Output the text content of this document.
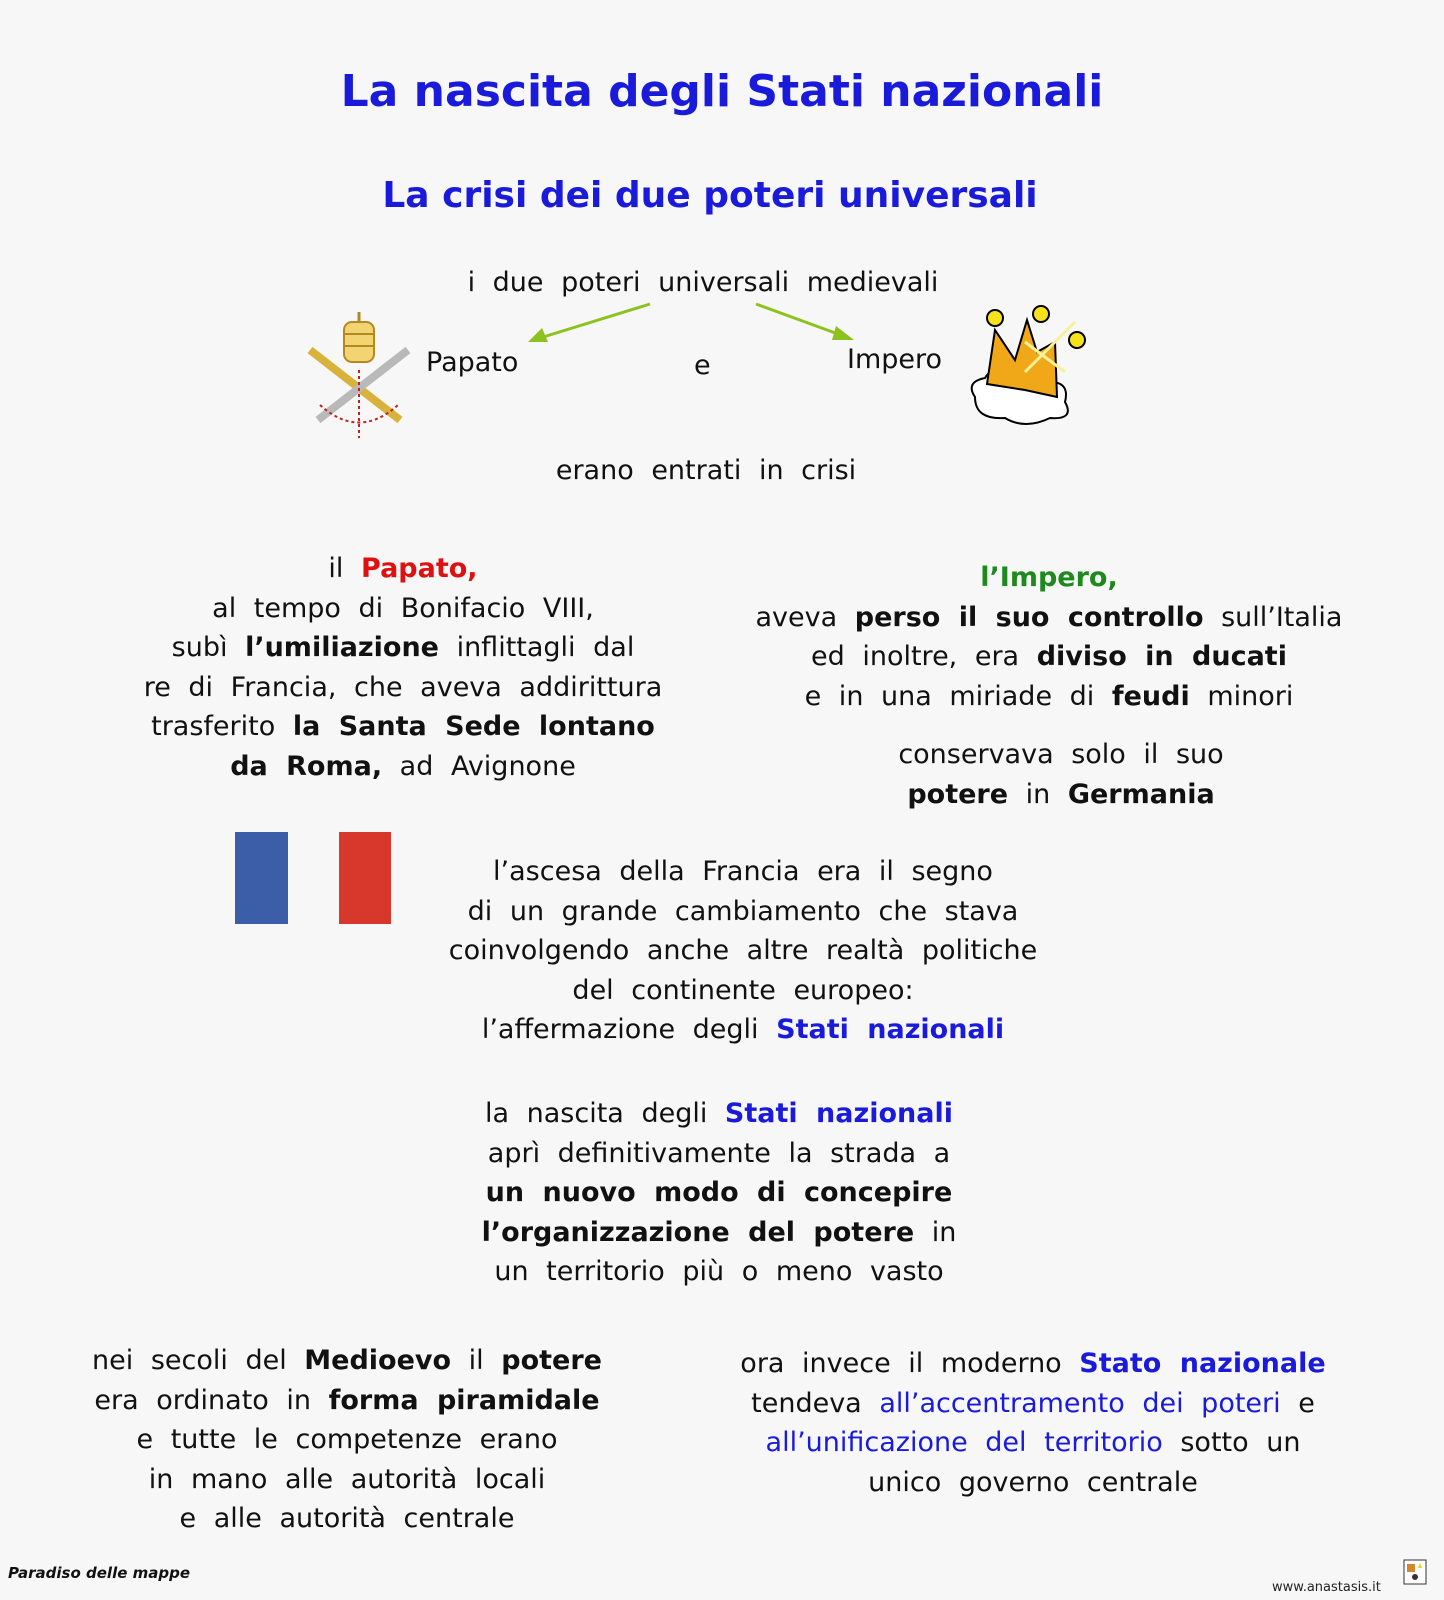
La nascita degli Stati nazionali
La crisi dei due poteri universali
i due poteri universali medievali
Papato	e	Impero
erano entrati in crisi
il Papato,
al tempo di Bonifacio VIII,
subì l’umiliazione inflittagli dal
re di Francia, che aveva addirittura
trasferito la Santa Sede lontano
da Roma, ad Avignone
l’Impero,
aveva perso il suo controllo sull’Italia
ed inoltre, era diviso in ducati
e in una miriade di feudi minori
conservava solo il suo
potere in Germania
l’ascesa della Francia era il segno
di un grande cambiamento che stava
coinvolgendo anche altre realtà politiche
del continente europeo:
l’affermazione degli Stati nazionali
la nascita degli Stati nazionali
aprì definitivamente la strada a
un nuovo modo di concepire
l’organizzazione del potere in
un territorio più o meno vasto
nei secoli del Medioevo il potere
era ordinato in forma piramidale
e tutte le competenze erano
in mano alle autorità locali
e alle autorità centrale
ora invece il moderno Stato nazionale
tendeva all’accentramento dei poteri e
all’unificazione del territorio sotto un
unico governo centrale
Paradiso delle mappe
www.anastasis.it
